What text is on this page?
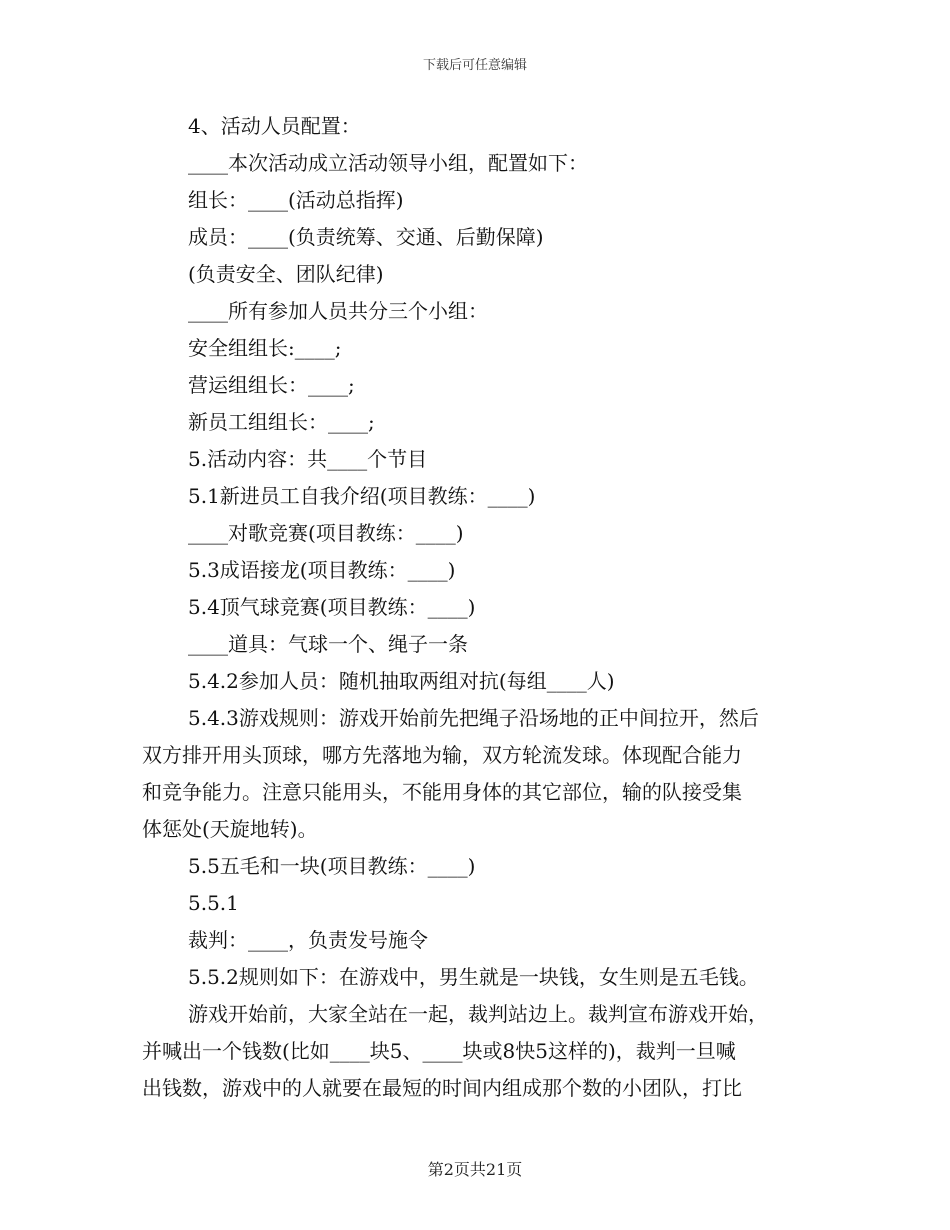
下载后可任意编辑
4、活动人员配置：
____本次活动成立活动领导小组，配置如下：
组长：____(活动总指挥)
成员：____(负责统筹、交通、后勤保障)
(负责安全、团队纪律)
____所有参加人员共分三个小组：
安全组组长:____;
营运组组长：____;
新员工组组长：____;
5.活动内容：共____个节目
5.1新进员工自我介绍(项目教练：____)
____对歌竞赛(项目教练：____)
5.3成语接龙(项目教练：____)
5.4顶气球竞赛(项目教练：____)
____道具：气球一个、绳子一条
5.4.2参加人员：随机抽取两组对抗(每组____人)
5.4.3游戏规则：游戏开始前先把绳子沿场地的正中间拉开，然后
双方排开用头顶球，哪方先落地为输，双方轮流发球。体现配合能力
和竞争能力。注意只能用头，不能用身体的其它部位，输的队接受集
体惩处(天旋地转)。
5.5五毛和一块(项目教练：____)
5.5.1
裁判：____，负责发号施令
5.5.2规则如下：在游戏中，男生就是一块钱，女生则是五毛钱。
游戏开始前，大家全站在一起，裁判站边上。裁判宣布游戏开始，
并喊出一个钱数(比如____块5、____块或8快5这样的)，裁判一旦喊
出钱数，游戏中的人就要在最短的时间内组成那个数的小团队，打比
第2页共21页
